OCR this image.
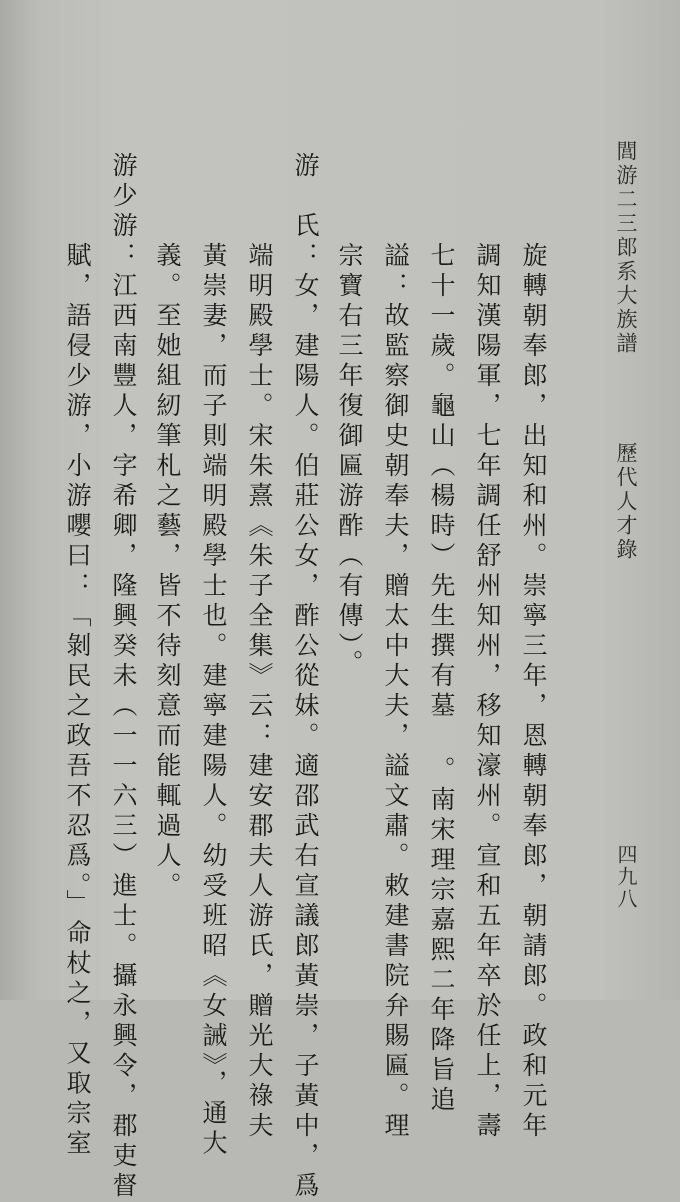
閭游二三郎系大族譜
歷代人才錄
四九八
旋轉朝奉郎，出知和州。崇寧三年，恩轉朝奉郎，朝請郎。政和元年
調知漢陽軍，七年調任舒州知州，移知濠州。宣和五年卒於任上，壽
七十一歲。龜山（楊時）先生撰有墓 。南宋理宗嘉熙二年降旨追
謚：故監察御史朝奉夫，贈太中大夫，謚文肅。敕建書院弁賜匾。理
宗寶右三年復御匾游酢（有傳）。
游　氏：女，建陽人。伯莊公女，酢公從妹。適邵武右宣議郎黃崇，子黃中，爲
端明殿學士。宋朱熹《朱子全集》云：建安郡夫人游氏，贈光大祿夫
黃崇妻，而子則端明殿學士也。建寧建陽人。幼受班昭《女誡》，通大
義。至她組紉筆札之藝，皆不待刻意而能輒過人。
游少游：江西南豐人，字希卿，隆興癸未（一一六三）進士。攝永興令，郡吏督
賦，語侵少游，小游嚶曰：「剝民之政吾不忍爲。」命杖之，又取宗室
